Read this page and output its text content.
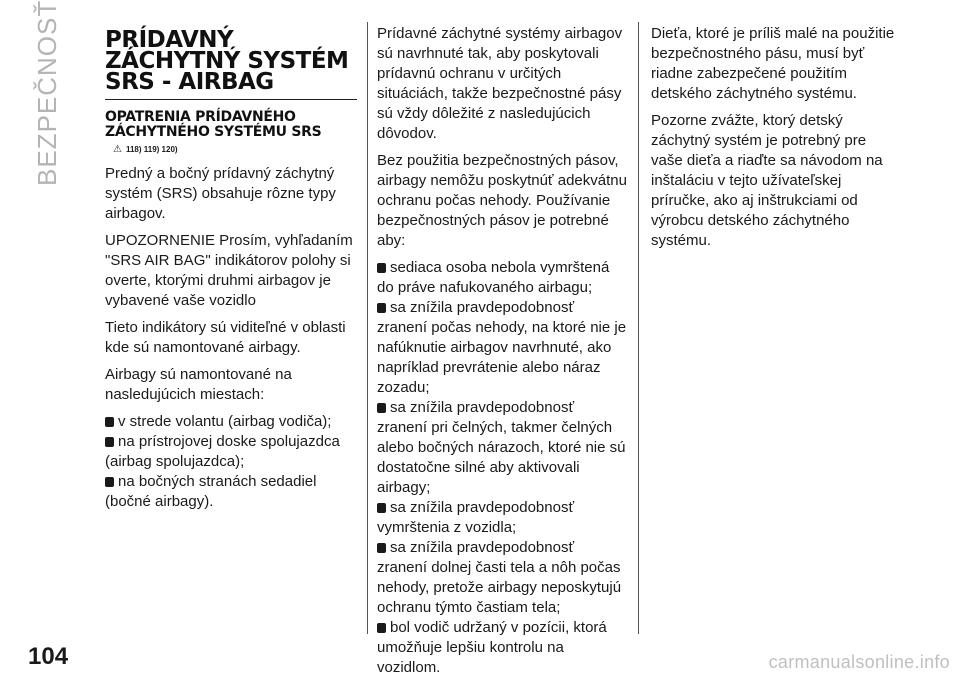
BEZPEČNOSŤ PRÍDAVNÝ ZÁCHYTNÝ SYSTÉM SRS - AIRBAG
OPATRENIA PRÍDAVNÉHO ZÁCHYTNÉHO SYSTÉMU SRS
⚠ 118) 119) 120)

Predný a bočný prídavný záchytný systém (SRS) obsahuje rôzne typy airbagov.

UPOZORNENIE Prosím, vyhľadaním "SRS AIR BAG" indikátorov polohy si overte, ktorými druhmi airbagov je vybavené vaše vozidlo

Tieto indikátory sú viditeľné v oblasti kde sú namontované airbagy.

Airbagy sú namontované na nasledujúcich miestach:

v strede volantu (airbag vodiča);
na prístrojovej doske spolujazdca (airbag spolujazdca);
na bočných stranách sedadiel (bočné airbagy).

Prídavné záchytné systémy airbagov sú navrhnuté tak, aby poskytovali prídavnú ochranu v určitých situáciách, takže bezpečnostné pásy sú vždy dôležité z nasledujúcich dôvodov.

Bez použitia bezpečnostných pásov, airbagy nemôžu poskytnúť adekvátnu ochranu počas nehody. Používanie bezpečnostných pásov je potrebné aby:

sediaca osoba nebola vymrštená do práve nafukovaného airbagu;
sa znížila pravdepodobnosť zranení počas nehody, na ktoré nie je nafúknutie airbagov navrhnuté, ako napríklad prevrátenie alebo náraz zozadu;
sa znížila pravdepodobnosť zranení pri čelných, takmer čelných alebo bočných nárazoch, ktoré nie sú dostatočne silné aby aktivovali airbagy;
sa znížila pravdepodobnosť vymrštenia z vozidla;
sa znížila pravdepodobnosť zranení dolnej časti tela a nôh počas nehody, pretože airbagy neposkytujú ochranu týmto častiam tela;
bol vodič udržaný v pozícii, ktorá umožňuje lepšiu kontrolu na vozidlom.

Dieťa, ktoré je príliš malé na použitie bezpečnostného pásu, musí byť riadne zabezpečené použitím detského záchytného systému.

Pozorne zvážte, ktorý detský záchytný systém je potrebný pre vaše dieťa a riaďte sa návodom na inštaláciu v tejto užívateľskej príručke, ako aj inštrukciami od výrobcu detského záchytného systému.

104	carmanualsonline.info
